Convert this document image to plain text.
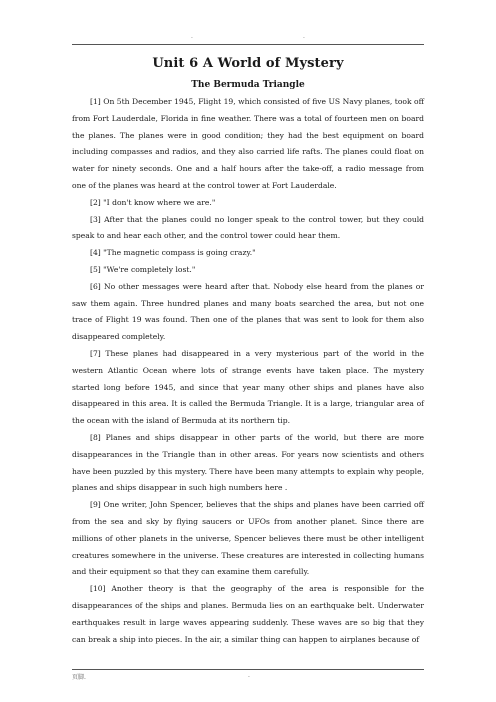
.	.
Unit 6 A World of Mystery
The Bermuda Triangle

[1] On 5th December 1945, Flight 19, which consisted of five US Navy planes, took off from Fort Lauderdale, Florida in fine weather. There was a total of fourteen men on board the planes. The planes were in good condition; they had the best equipment on board including compasses and radios, and they also carried life rafts. The planes could float on water for ninety seconds. One and a half hours after the take-off, a radio message from one of the planes was heard at the control tower at Fort Lauderdale.

[2] "I don't know where we are."

[3] After that the planes could no longer speak to the control tower, but they could speak to and hear each other, and the control tower could hear them.

[4] "The magnetic compass is going crazy."

[5] "We're completely lost."

[6] No other messages were heard after that. Nobody else heard from the planes or saw them again. Three hundred planes and many boats searched the area, but not one trace of Flight 19 was found. Then one of the planes that was sent to look for them also disappeared completely.

[7] These planes had disappeared in a very mysterious part of the world in the western Atlantic Ocean where lots of strange events have taken place. The mystery started long before 1945, and since that year many other ships and planes have also disappeared in this area. It is called the Bermuda Triangle. It is a large, triangular area of the ocean with the island of Bermuda at its northern tip.

[8] Planes and ships disappear in other parts of the world, but there are more disappearances in the Triangle than in other areas. For years now scientists and others have been puzzled by this mystery. There have been many attempts to explain why people, planes and ships disappear in such high numbers here .

[9] One writer, John Spencer, believes that the ships and planes have been carried off from the sea and sky by flying saucers or UFOs from another planet. Since there are millions of other planets in the universe, Spencer believes there must be other intelligent creatures somewhere in the universe. These creatures are interested in collecting humans and their equipment so that they can examine them carefully.

[10] Another theory is that the geography of the area is responsible for the disappearances of the ships and planes. Bermuda lies on an earthquake belt. Underwater earthquakes result in large waves appearing suddenly. These waves are so big that they can break a ship into pieces. In the air, a similar thing can happen to airplanes because of

页脚.	.
